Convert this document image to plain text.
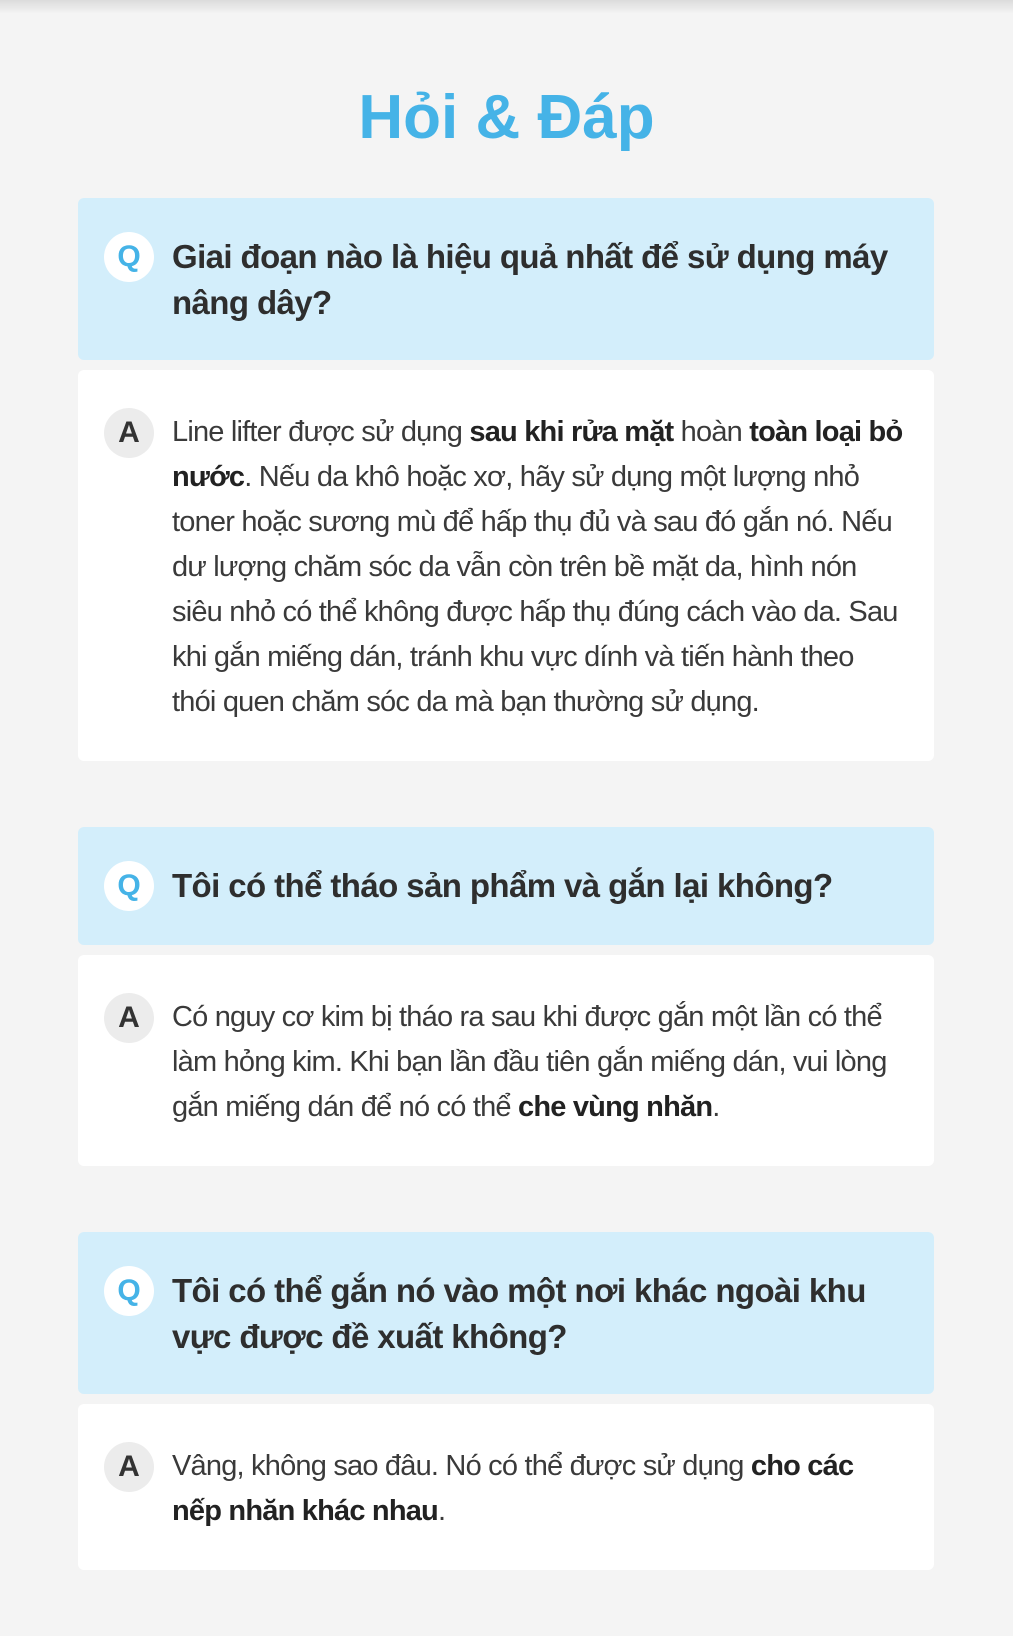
Hỏi & Đáp
Q Giai đoạn nào là hiệu quả nhất để sử dụng máy nâng dây?
A	Line lifter được sử dụng sau khi rửa mặt hoàn toàn loại bỏ nước. Nếu da khô hoặc xơ, hãy sử dụng một lượng nhỏ toner hoặc sương mù để hấp thụ đủ và sau đó gắn nó. Nếu dư lượng chăm sóc da vẫn còn trên bề mặt da, hình nón siêu nhỏ có thể không được hấp thụ đúng cách vào da. Sau khi gắn miếng dán, tránh khu vực dính và tiến hành theo thói quen chăm sóc da mà bạn thường sử dụng.
Q Tôi có thể tháo sản phẩm và gắn lại không?
A	Có nguy cơ kim bị tháo ra sau khi được gắn một lần có thể làm hỏng kim. Khi bạn lần đầu tiên gắn miếng dán, vui lòng gắn miếng dán để nó có thể che vùng nhăn.
Q Tôi có thể gắn nó vào một nơi khác ngoài khu vực được đề xuất không?
A	Vâng, không sao đâu. Nó có thể được sử dụng cho các nếp nhăn khác nhau.
